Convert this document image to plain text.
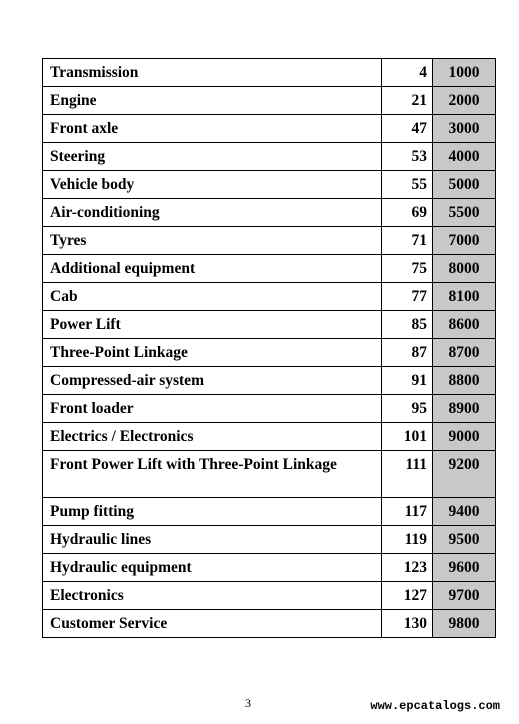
Transmission	4	1000
Engine	21	2000
Front axle	47	3000
Steering	53	4000
Vehicle body	55	5000
Air-conditioning	69	5500
Tyres	71	7000
Additional equipment	75	8000
Cab	77	8100
Power Lift	85	8600
Three-Point Linkage	87	8700
Compressed-air system	91	8800
Front loader	95	8900
Electrics / Electronics	101	9000
Front Power Lift with Three-Point Linkage	111	9200
Pump fitting	117	9400
Hydraulic lines	119	9500
Hydraulic equipment	123	9600
Electronics	127	9700
Customer Service	130	9800
3	www.epcatalogs.com
